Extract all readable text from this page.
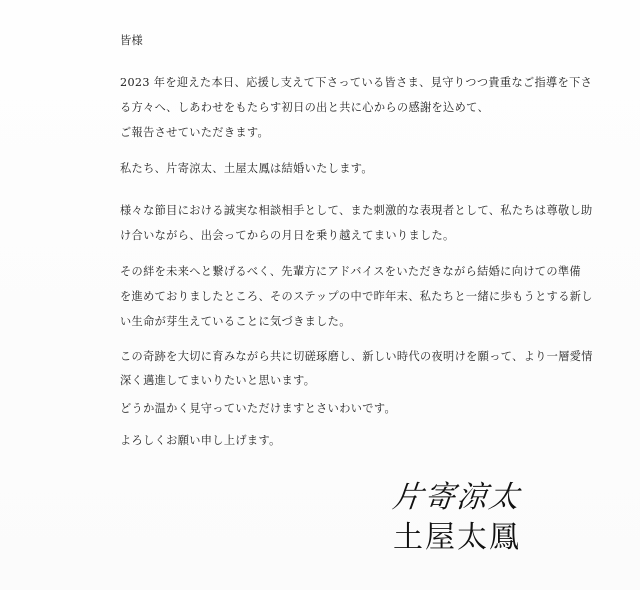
皆様
2023 年を迎えた本日、応援し支えて下さっている皆さま、見守りつつ貴重なご指導を下さ
る方々へ、しあわせをもたらす初日の出と共に心からの感謝を込めて、
ご報告させていただきます。
私たち、片寄涼太、土屋太鳳は結婚いたします。
様々な節目における誠実な相談相手として、また刺激的な表現者として、私たちは尊敬し助
け合いながら、出会ってからの月日を乗り越えてまいりました。
その絆を未来へと繋げるべく、先輩方にアドバイスをいただきながら結婚に向けての準備
を進めておりましたところ、そのステップの中で昨年末、私たちと一緒に歩もうとする新し
い生命が芽生えていることに気づきました。
この奇跡を大切に育みながら共に切磋琢磨し、新しい時代の夜明けを願って、より一層愛情
深く邁進してまいりたいと思います。
どうか温かく見守っていただけますとさいわいです。
よろしくお願い申し上げます。
片寄涼太
土屋太鳳
